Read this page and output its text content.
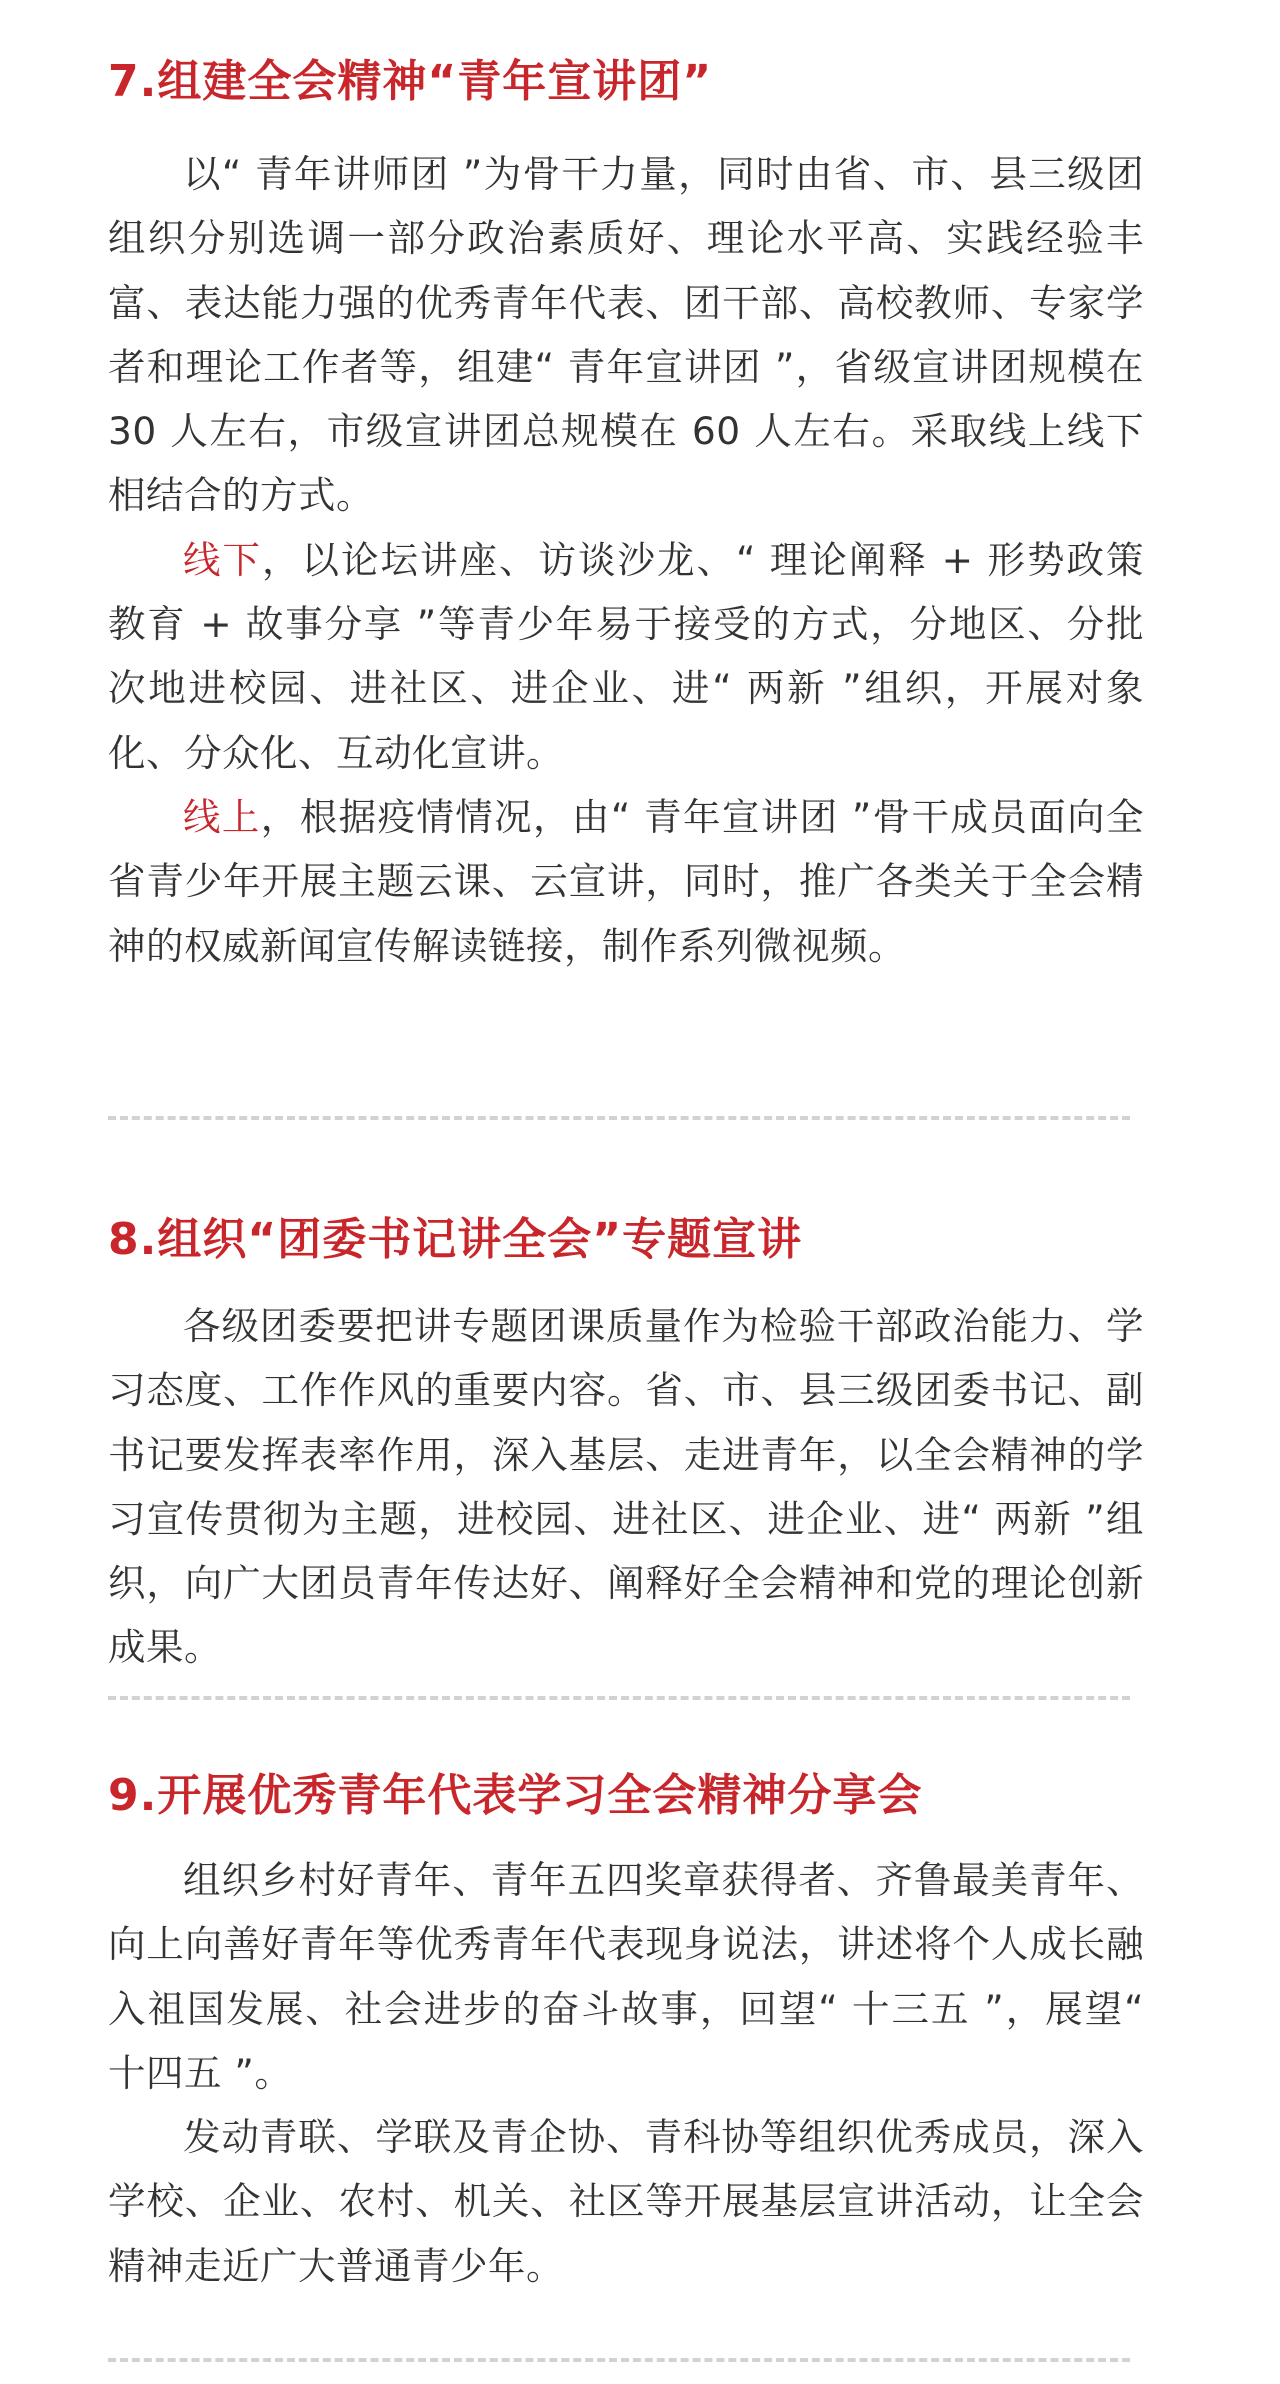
7.组建全会精神“青年宣讲团”

以“ 青年讲师团 ”为骨干力量，同时由省、市、县三级团组织分别选调一部分政治素质好、理论水平高、实践经验丰富、表达能力强的优秀青年代表、团干部、高校教师、专家学者和理论工作者等，组建“ 青年宣讲团 ”，省级宣讲团规模在 30 人左右，市级宣讲团总规模在 60 人左右。采取线上线下相结合的方式。

线下，以论坛讲座、访谈沙龙、“ 理论阐释 + 形势政策教育 + 故事分享 ”等青少年易于接受的方式，分地区、分批次地进校园、进社区、进企业、进“ 两新 ”组织，开展对象化、分众化、互动化宣讲。

线上，根据疫情情况，由“ 青年宣讲团 ”骨干成员面向全省青少年开展主题云课、云宣讲，同时，推广各类关于全会精神的权威新闻宣传解读链接，制作系列微视频。

8.组织“团委书记讲全会”专题宣讲

各级团委要把讲专题团课质量作为检验干部政治能力、学习态度、工作作风的重要内容。省、市、县三级团委书记、副书记要发挥表率作用，深入基层、走进青年，以全会精神的学习宣传贯彻为主题，进校园、进社区、进企业、进“ 两新 ”组织，向广大团员青年传达好、阐释好全会精神和党的理论创新成果。

9.开展优秀青年代表学习全会精神分享会

组织乡村好青年、青年五四奖章获得者、齐鲁最美青年、向上向善好青年等优秀青年代表现身说法，讲述将个人成长融入祖国发展、社会进步的奋斗故事，回望“ 十三五 ”，展望“ 十四五 ”。

发动青联、学联及青企协、青科协等组织优秀成员，深入学校、企业、农村、机关、社区等开展基层宣讲活动，让全会精神走近广大普通青少年。
